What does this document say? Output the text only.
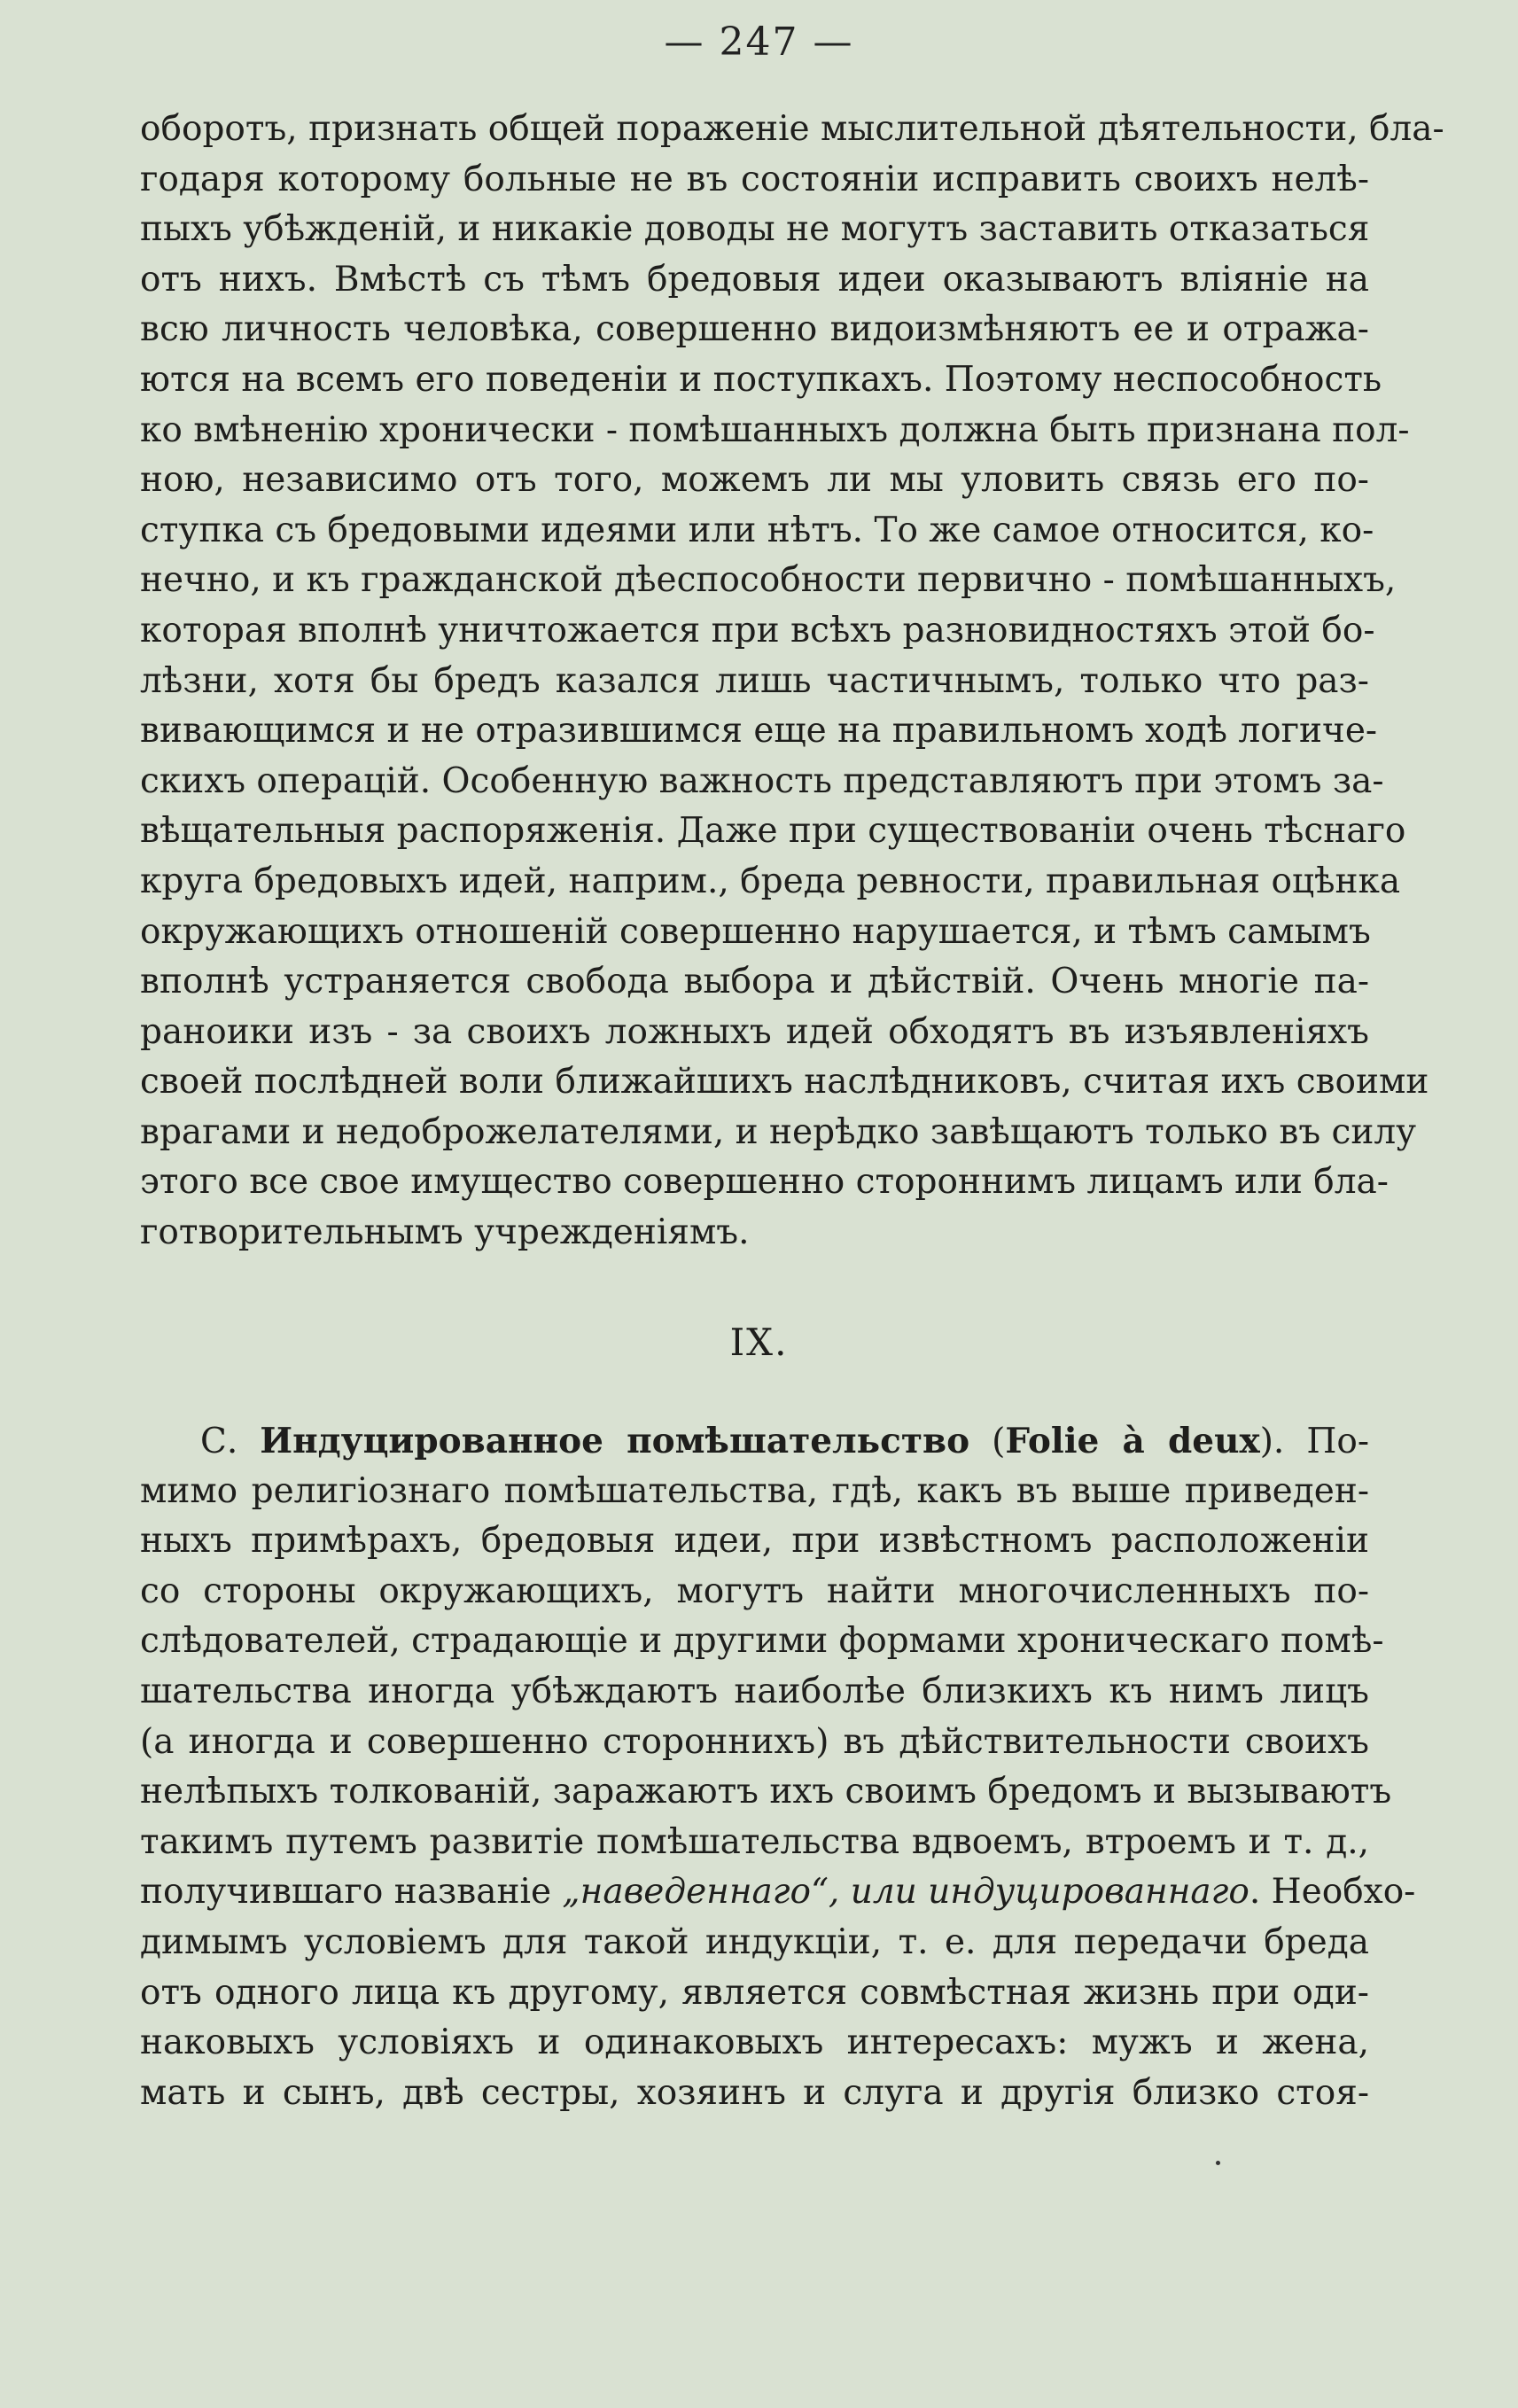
— 247 —
оборотъ, признать общей пораженіе мыслительной дѣятельности, бла-
годаря которому больные не въ состояніи исправить своихъ нелѣ-
пыхъ убѣжденій, и никакіе доводы не могутъ заставить отказаться
отъ нихъ. Вмѣстѣ съ тѣмъ бредовыя идеи оказываютъ вліяніе на
всю личность человѣка, совершенно видоизмѣняютъ ее и отража-
ются на всемъ его поведеніи и поступкахъ. Поэтому неспособность
ко вмѣненію хронически - помѣшанныхъ должна быть признана пол-
ною, независимо отъ того, можемъ ли мы уловить связь его по-
ступка съ бредовыми идеями или нѣтъ. То же самое относится, ко-
нечно, и къ гражданской дѣеспособности первично - помѣшанныхъ,
которая вполнѣ уничтожается при всѣхъ разновидностяхъ этой бо-
лѣзни, хотя бы бредъ казался лишь частичнымъ, только что раз-
вивающимся и не отразившимся еще на правильномъ ходѣ логиче-
скихъ операцій. Особенную важность представляютъ при этомъ за-
вѣщательныя распоряженія. Даже при существованіи очень тѣснаго
круга бредовыхъ идей, наприм., бреда ревности, правильная оцѣнка
окружающихъ отношеній совершенно нарушается, и тѣмъ самымъ
вполнѣ устраняется свобода выбора и дѣйствій. Очень многіе па-
раноики изъ - за своихъ ложныхъ идей обходятъ въ изъявленіяхъ
своей послѣдней воли ближайшихъ наслѣдниковъ, считая ихъ своими
врагами и недоброжелателями, и нерѣдко завѣщаютъ только въ силу
этого все свое имущество совершенно стороннимъ лицамъ или бла-
готворительнымъ учрежденіямъ.
IX.
С. Индуцированное помѣшательство (Folie à deux). По-
мимо религіознаго помѣшательства, гдѣ, какъ въ выше приведен-
ныхъ примѣрахъ, бредовыя идеи, при извѣстномъ расположеніи
со стороны окружающихъ, могутъ найти многочисленныхъ по-
слѣдователей, страдающіе и другими формами хроническаго помѣ-
шательства иногда убѣждаютъ наиболѣе близкихъ къ нимъ лицъ
(а иногда и совершенно стороннихъ) въ дѣйствительности своихъ
нелѣпыхъ толкованій, заражаютъ ихъ своимъ бредомъ и вызываютъ
такимъ путемъ развитіе помѣшательства вдвоемъ, втроемъ и т. д.,
получившаго названіе „наведеннаго“, или индуцированнаго. Необхо-
димымъ условіемъ для такой индукціи, т. е. для передачи бреда
отъ одного лица къ другому, является совмѣстная жизнь при оди-
наковыхъ условіяхъ и одинаковыхъ интересахъ: мужъ и жена,
мать и сынъ, двѣ сестры, хозяинъ и слуга и другія близко стоя-
